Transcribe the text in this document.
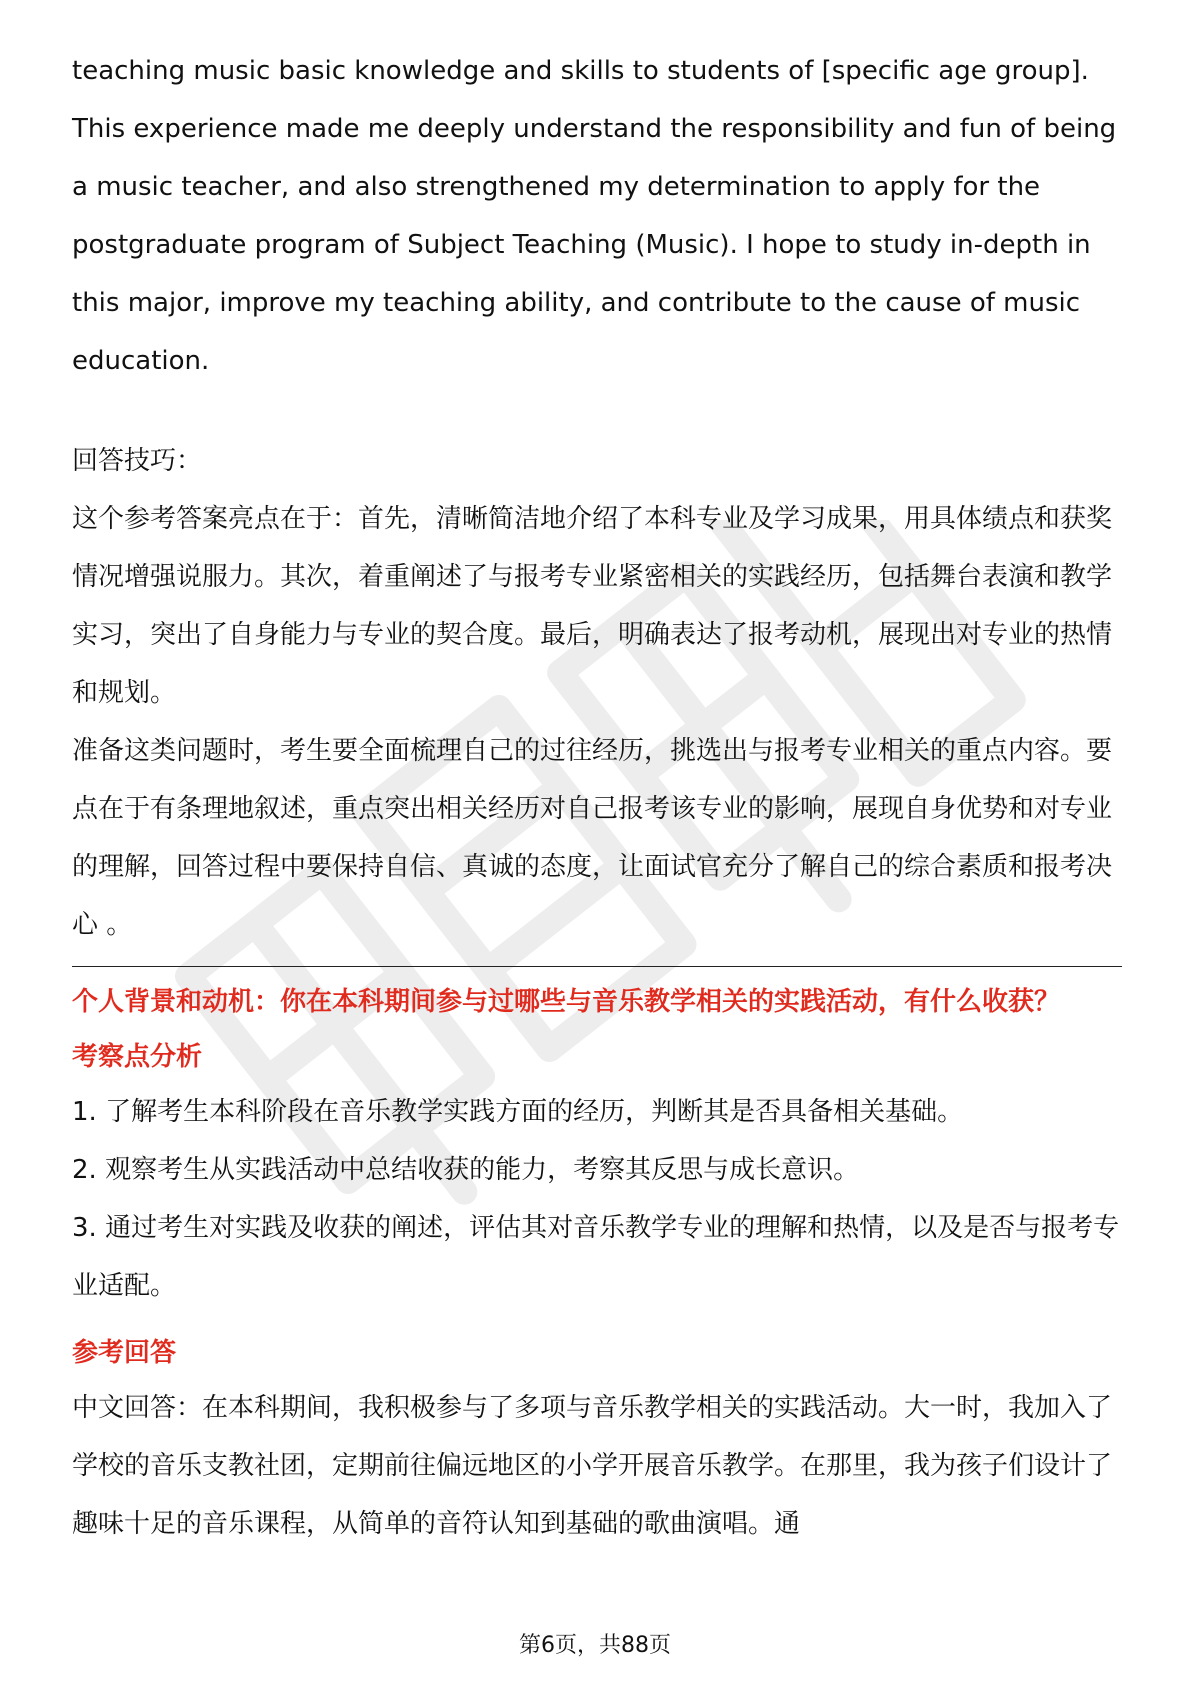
teaching music basic knowledge and skills to students of [specific age group]. This experience made me deeply understand the responsibility and fun of being a music teacher, and also strengthened my determination to apply for the postgraduate program of Subject Teaching (Music). I hope to study in-depth in this major, improve my teaching ability, and contribute to the cause of music education.

回答技巧：

这个参考答案亮点在于：首先，清晰简洁地介绍了本科专业及学习成果，用具体绩点和获奖情况增强说服力。其次，着重阐述了与报考专业紧密相关的实践经历，包括舞台表演和教学实习，突出了自身能力与专业的契合度。最后，明确表达了报考动机，展现出对专业的热情和规划。

准备这类问题时，考生要全面梳理自己的过往经历，挑选出与报考专业相关的重点内容。要点在于有条理地叙述，重点突出相关经历对自己报考该专业的影响，展现自身优势和对专业的理解，回答过程中要保持自信、真诚的态度，让面试官充分了解自己的综合素质和报考决心 。

个人背景和动机：你在本科期间参与过哪些与音乐教学相关的实践活动，有什么收获？

考察点分析

1. 了解考生本科阶段在音乐教学实践方面的经历，判断其是否具备相关基础。

2. 观察考生从实践活动中总结收获的能力，考察其反思与成长意识。

3. 通过考生对实践及收获的阐述，评估其对音乐教学专业的理解和热情，以及是否与报考专业适配。

参考回答

中文回答：在本科期间，我积极参与了多项与音乐教学相关的实践活动。大一时，我加入了学校的音乐支教社团，定期前往偏远地区的小学开展音乐教学。在那里，我为孩子们设计了趣味十足的音乐课程，从简单的音符认知到基础的歌曲演唱。通

第6页，共88页
